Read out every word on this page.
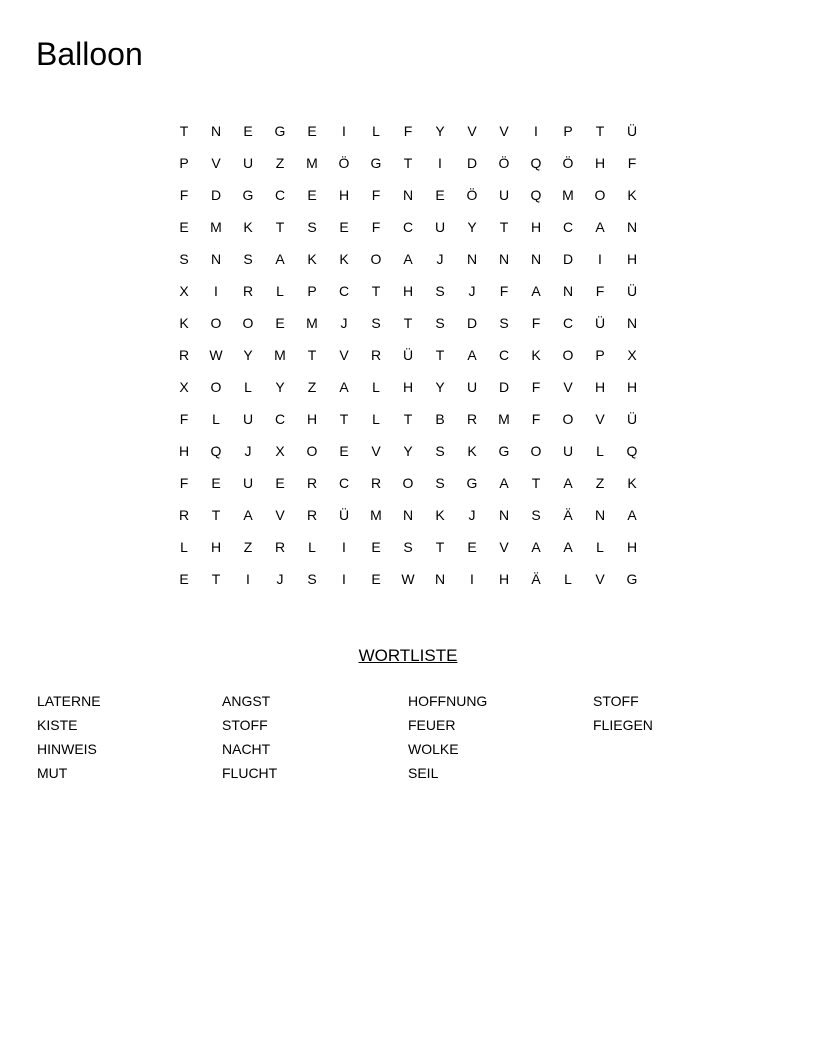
Balloon
T	N	E	G	E	I	L	F	Y	V	V	I	P	T	Ü
P	V	U	Z	M	Ö	G	T	I	D	Ö	Q	Ö	H	F
F	D	G	C	E	H	F	N	E	Ö	U	Q	M	O	K
E	M	K	T	S	E	F	C	U	Y	T	H	C	A	N
S	N	S	A	K	K	O	A	J	N	N	N	D	I	H
X	I	R	L	P	C	T	H	S	J	F	A	N	F	Ü
K	O	O	E	M	J	S	T	S	D	S	F	C	Ü	N
R	W	Y	M	T	V	R	Ü	T	A	C	K	O	P	X
X	O	L	Y	Z	A	L	H	Y	U	D	F	V	H	H
F	L	U	C	H	T	L	T	B	R	M	F	O	V	Ü
H	Q	J	X	O	E	V	Y	S	K	G	O	U	L	Q
F	E	U	E	R	C	R	O	S	G	A	T	A	Z	K
R	T	A	V	R	Ü	M	N	K	J	N	S	Ä	N	A
L	H	Z	R	L	I	E	S	T	E	V	A	A	L	H
E	T	I	J	S	I	E	W	N	I	H	Ä	L	V	G
WORTLISTE
LATERNE
KISTE
HINWEIS
MUT
ANGST
STOFF
NACHT
FLUCHT
HOFFNUNG
FEUER
WOLKE
SEIL
STOFF
FLIEGEN
